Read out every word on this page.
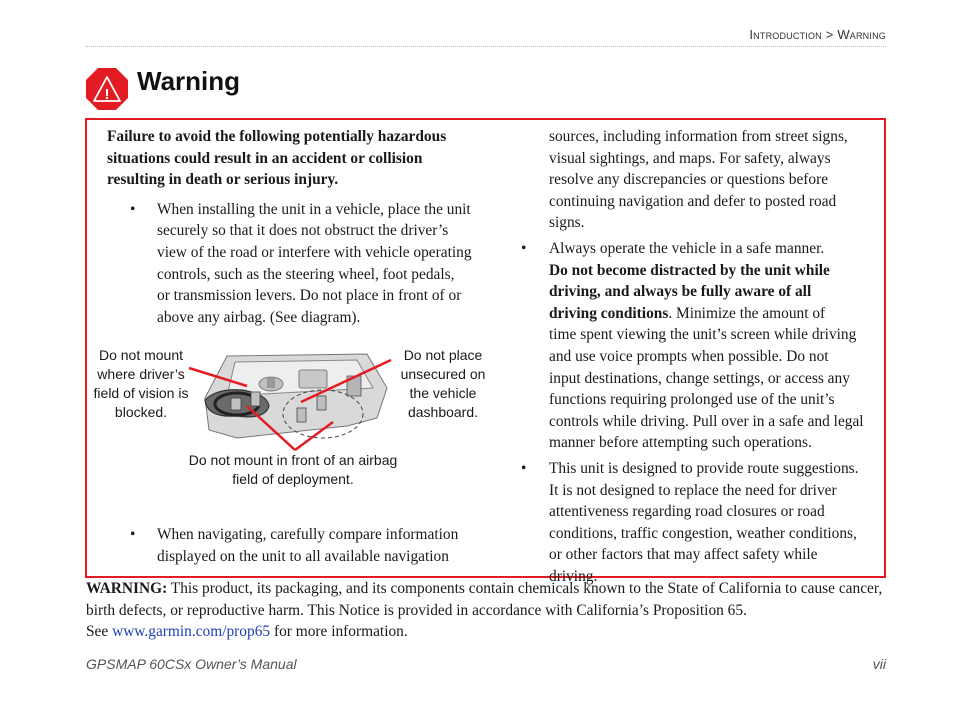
Introduction > Warning
! Warning

Failure to avoid the following potentially hazardous
situations could result in an accident or collision
resulting in death or serious injury.

• When installing the unit in a vehicle, place the unit
securely so that it does not obstruct the driver’s
view of the road or interfere with vehicle operating
controls, such as the steering wheel, foot pedals,
or transmission levers. Do not place in front of or
above any airbag. (See diagram).

Do not mount
where driver’s
field of vision is
blocked.
Do not place
unsecured on
the vehicle
dashboard.
Do not mount in front of an airbag
field of deployment.

• When navigating, carefully compare information
displayed on the unit to all available navigation

sources, including information from street signs,
visual sightings, and maps. For safety, always
resolve any discrepancies or questions before
continuing navigation and defer to posted road signs.

• Always operate the vehicle in a safe manner.
Do not become distracted by the unit while
driving, and always be fully aware of all
driving conditions. Minimize the amount of
time spent viewing the unit’s screen while driving
and use voice prompts when possible. Do not
input destinations, change settings, or access any
functions requiring prolonged use of the unit’s
controls while driving. Pull over in a safe and legal
manner before attempting such operations.

• This unit is designed to provide route suggestions.
It is not designed to replace the need for driver
attentiveness regarding road closures or road
conditions, traffic congestion, weather conditions,
or other factors that may affect safety while driving.

WARNING: This product, its packaging, and its components contain chemicals known to the State of California to cause cancer,
birth defects, or reproductive harm. This Notice is provided in accordance with California’s Proposition 65.
See www.garmin.com/prop65 for more information.

GPSMAP 60CSx Owner’s Manual	vii
